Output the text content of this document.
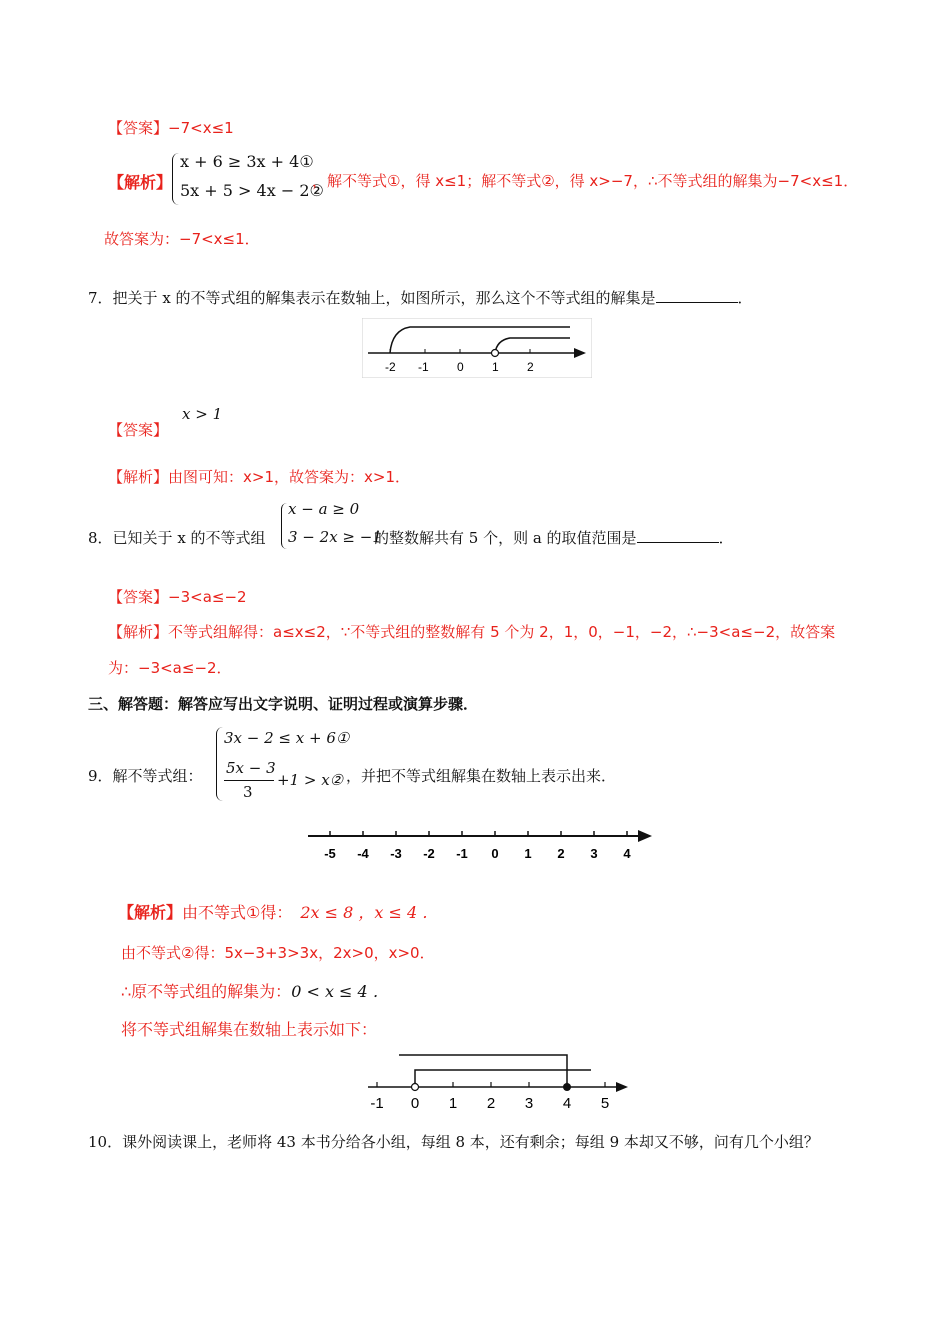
【答案】−7<x≤1
【解析】
x + 6 ≥ 3x + 4①
5x + 5 > 4x − 2②
，解不等式①，得 x≤1；解不等式②，得 x>−7，∴不等式组的解集为−7<x≤1．
故答案为：−7<x≤1．
7．把关于 x 的不等式组的解集表示在数轴上，如图所示，那么这个不等式组的解集是	．
-2 -1 0 1 2
【答案】
x > 1
【解析】由图可知：x>1，故答案为：x>1．
8．已知关于 x 的不等式组
x − a ≥ 0
3 − 2x ≥ −1
的整数解共有 5 个，则 a 的取值范围是	．
【答案】−3<a≤−2
【解析】不等式组解得：a≤x≤2，∵不等式组的整数解有 5 个为 2，1，0，−1，−2，∴−3<a≤−2，故答案
为：−3<a≤−2．
三、解答题：解答应写出文字说明、证明过程或演算步骤．
9．解不等式组：
3x − 2 ≤ x + 6①
5x − 3
3
+1 > x② ，并把不等式组解集在数轴上表示出来．
-5 -4 -3 -2 -1 0 1 2 3 4
【解析】由不等式①得： 2x ≤ 8 ，x ≤ 4 ．
由不等式②得：5x−3+3>3x，2x>0，x>0．
∴原不等式组的解集为：0 < x ≤ 4 ．
将不等式组解集在数轴上表示如下：
-1 0 1 2 3 4 5
10．课外阅读课上，老师将 43 本书分给各小组，每组 8 本，还有剩余；每组 9 本却又不够，问有几个小组？
